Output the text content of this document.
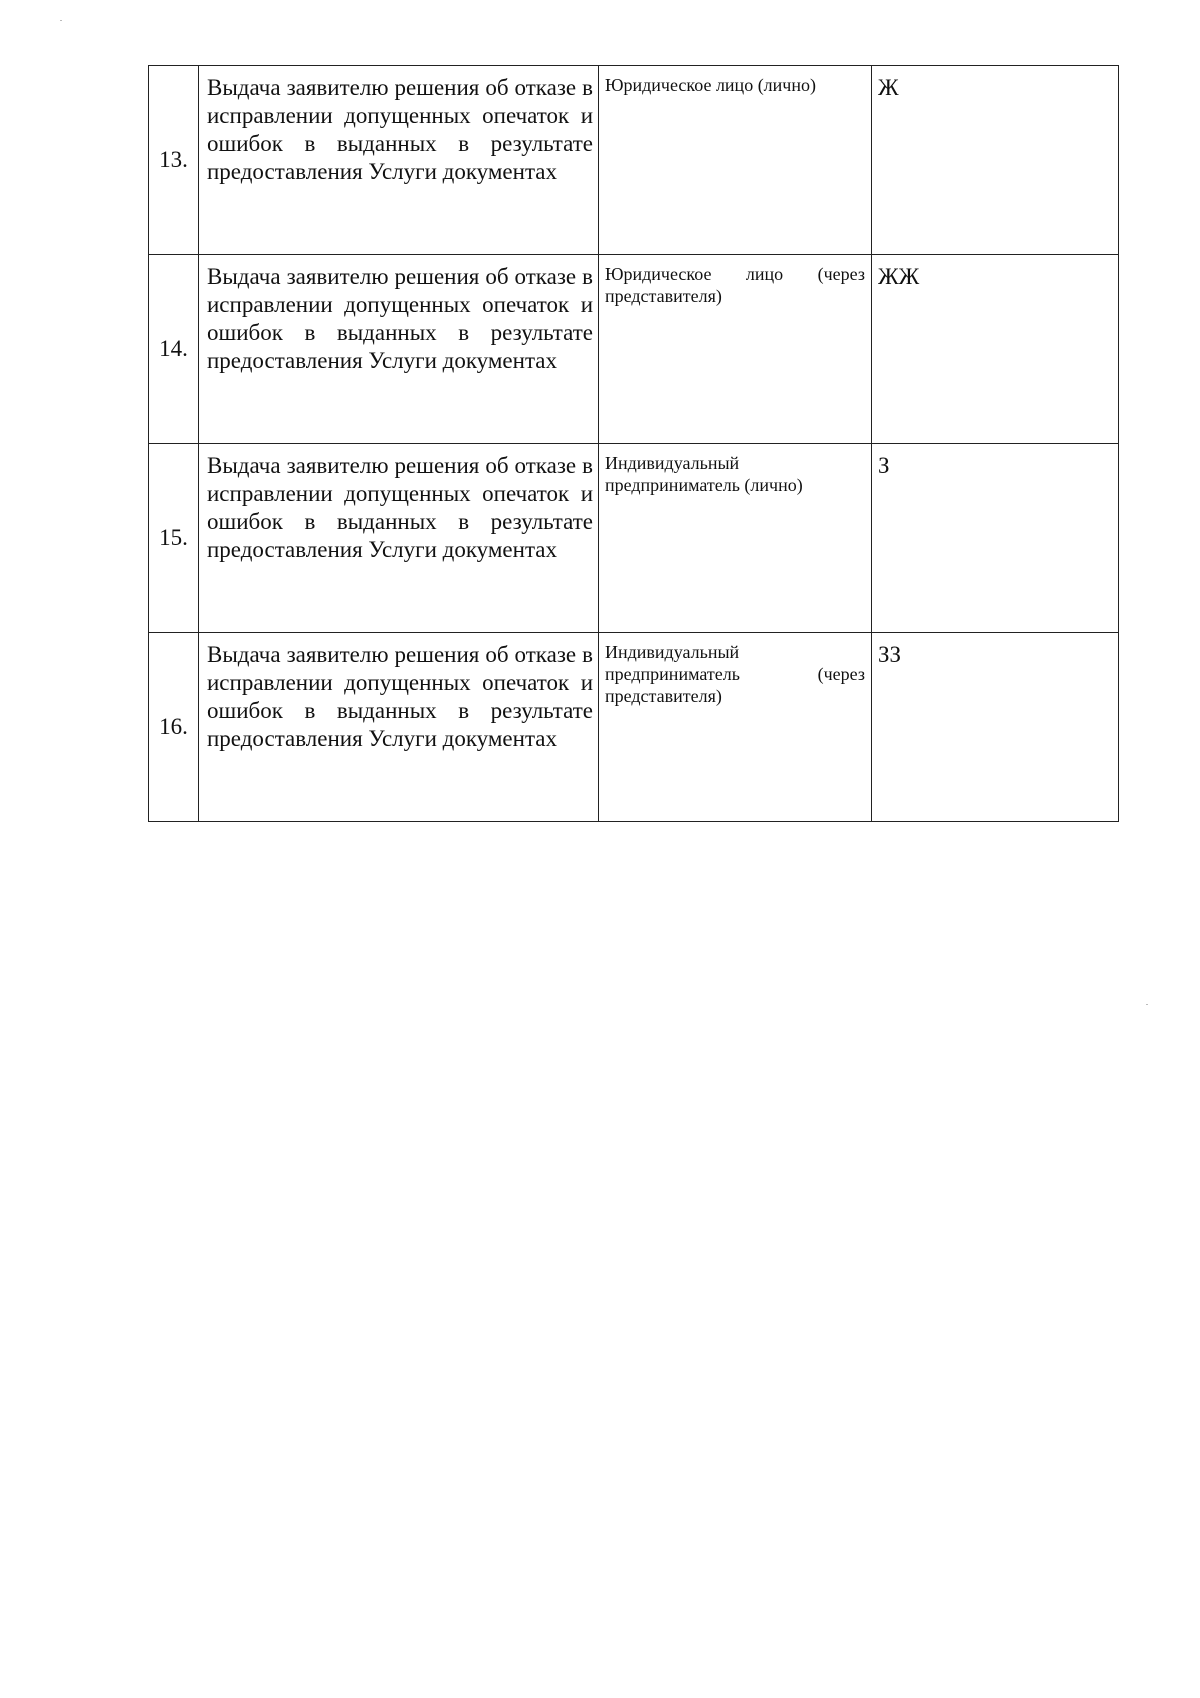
13.	Выдача заявителю решения об отказе в исправлении допущенных опечаток и ошибок в выданных в результате предоставления Услуги документах	Юридическое лицо (лично)	Ж

14.	Выдача заявителю решения об отказе в исправлении допущенных опечаток и ошибок в выданных в результате предоставления Услуги документах	Юридическое лицо (через представителя)	ЖЖ

15.	Выдача заявителю решения об отказе в исправлении допущенных опечаток и ошибок в выданных в результате предоставления Услуги документах	Индивидуальный предприниматель (лично)	З

16.	Выдача заявителю решения об отказе в исправлении допущенных опечаток и ошибок в выданных в результате предоставления Услуги документах	Индивидуальный предприниматель (через представителя)	ЗЗ
